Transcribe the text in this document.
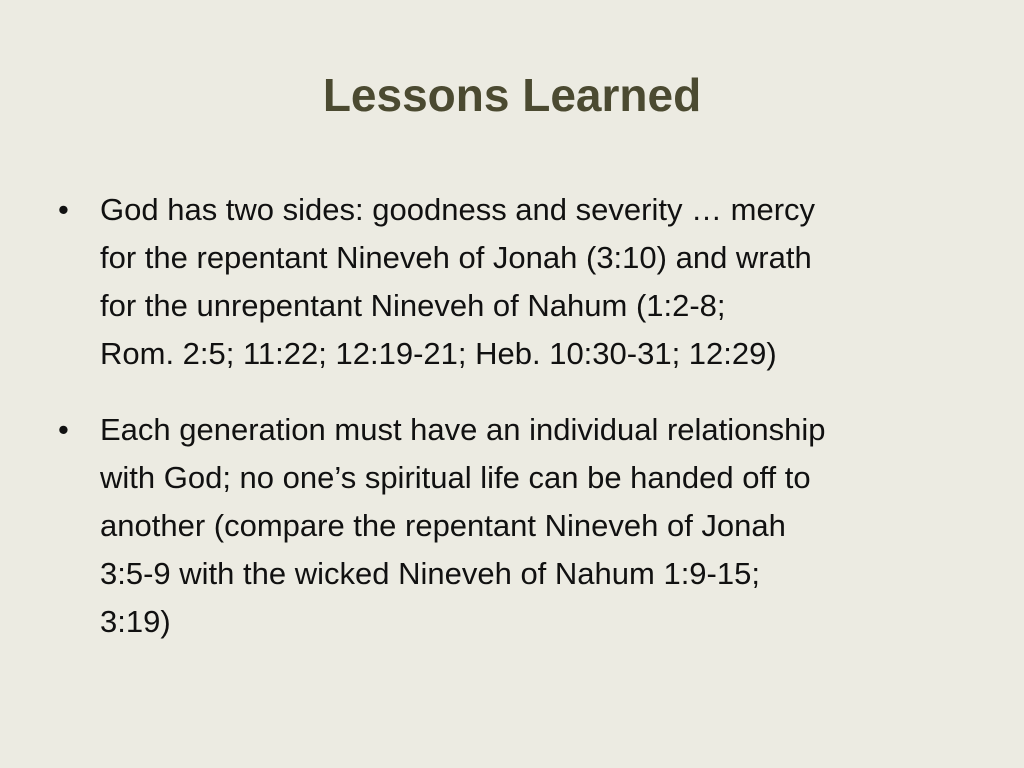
Lessons Learned
•	God has two sides: goodness and severity … mercy
for the repentant Nineveh of Jonah (3:10) and wrath
for the unrepentant Nineveh of Nahum (1:2-8;
Rom. 2:5; 11:22; 12:19-21; Heb. 10:30-31; 12:29)
•	Each generation must have an individual relationship
with God; no one’s spiritual life can be handed off to
another (compare the repentant Nineveh of Jonah
3:5-9 with the wicked Nineveh of Nahum 1:9-15;
3:19)
